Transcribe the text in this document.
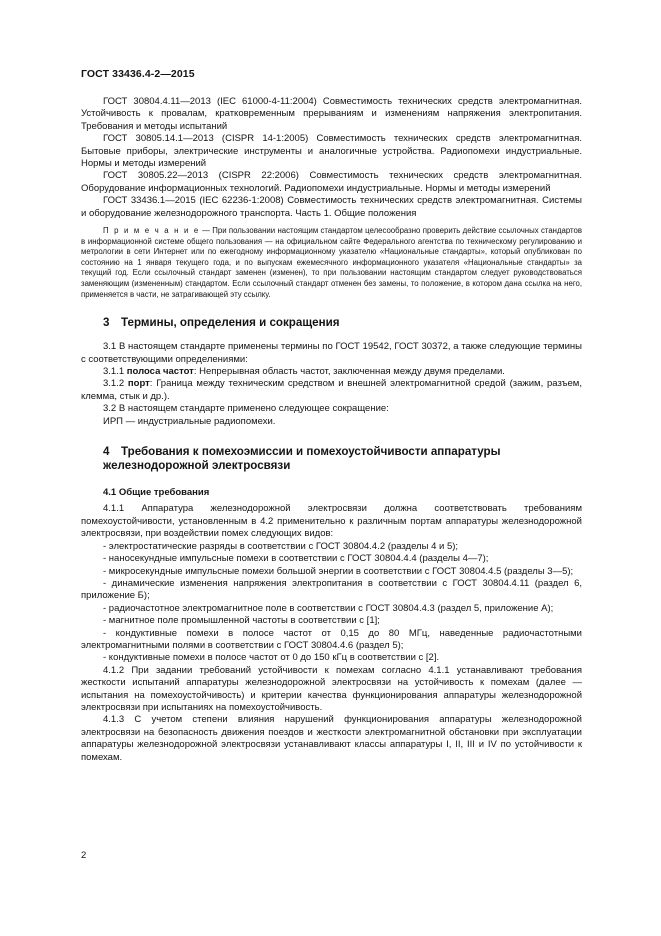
ГОСТ 33436.4-2—2015

ГОСТ 30804.4.11—2013 (IEC 61000-4-11:2004) Совместимость технических средств электромагнитная. Устойчивость к провалам, кратковременным прерываниям и изменениям напряжения электропитания. Требования и методы испытаний

ГОСТ 30805.14.1—2013 (CISPR 14-1:2005) Совместимость технических средств электромагнитная. Бытовые приборы, электрические инструменты и аналогичные устройства. Радиопомехи индустриальные. Нормы и методы измерений

ГОСТ 30805.22—2013 (CISPR 22:2006) Совместимость технических средств электромагнитная. Оборудование информационных технологий. Радиопомехи индустриальные. Нормы и методы измерений

ГОСТ 33436.1—2015 (IEC 62236-1:2008) Совместимость технических средств электромагнитная. Системы и оборудование железнодорожного транспорта. Часть 1. Общие положения

П р и м е ч а н и е — При пользовании настоящим стандартом целесообразно проверить действие ссылочных стандартов в информационной системе общего пользования — на официальном сайте Федерального агентства по техническому регулированию и метрологии в сети Интернет или по ежегодному информационному указателю «Национальные стандарты», который опубликован по состоянию на 1 января текущего года, и по выпускам ежемесячного информационного указателя «Национальные стандарты» за текущий год. Если ссылочный стандарт заменен (изменен), то при пользовании настоящим стандартом следует руководствоваться заменяющим (измененным) стандартом. Если ссылочный стандарт отменен без замены, то положение, в котором дана ссылка на него, применяется в части, не затрагивающей эту ссылку.

3 Термины, определения и сокращения

3.1 В настоящем стандарте применены термины по ГОСТ 19542, ГОСТ 30372, а также следующие термины с соответствующими определениями:

3.1.1 полоса частот: Непрерывная область частот, заключенная между двумя пределами.

3.1.2 порт: Граница между техническим средством и внешней электромагнитной средой (зажим, разъем, клемма, стык и др.).

3.2 В настоящем стандарте применено следующее сокращение:

ИРП — индустриальные радиопомехи.

4 Требования к помехоэмиссии и помехоустойчивости аппаратуры железнодорожной электросвязи
4.1 Общие требования

4.1.1 Аппаратура железнодорожной электросвязи должна соответствовать требованиям помехоустойчивости, установленным в 4.2 применительно к различным портам аппаратуры железнодорожной электросвязи, при воздействии помех следующих видов:

- электростатические разряды в соответствии с ГОСТ 30804.4.2 (разделы 4 и 5);

- наносекундные импульсные помехи в соответствии с ГОСТ 30804.4.4 (разделы 4—7);

- микросекундные импульсные помехи большой энергии в соответствии с ГОСТ 30804.4.5 (разделы 3—5);

- динамические изменения напряжения электропитания в соответствии с ГОСТ 30804.4.11 (раздел 6, приложение Б);

- радиочастотное электромагнитное поле в соответствии с ГОСТ 30804.4.3 (раздел 5, приложение А);

- магнитное поле промышленной частоты в соответствии с [1];

- кондуктивные помехи в полосе частот от 0,15 до 80 МГц, наведенные радиочастотными электромагнитными полями в соответствии с ГОСТ 30804.4.6 (раздел 5);

- кондуктивные помехи в полосе частот от 0 до 150 кГц в соответствии с [2].

4.1.2 При задании требований устойчивости к помехам согласно 4.1.1 устанавливают требования жесткости испытаний аппаратуры железнодорожной электросвязи на устойчивость к помехам (далее — испытания на помехоустойчивость) и критерии качества функционирования аппаратуры железнодорожной электросвязи при испытаниях на помехоустойчивость.

4.1.3 С учетом степени влияния нарушений функционирования аппаратуры железнодорожной электросвязи на безопасность движения поездов и жесткости электромагнитной обстановки при эксплуатации аппаратуры железнодорожной электросвязи устанавливают классы аппаратуры I, II, III и IV по устойчивости к помехам.

2
